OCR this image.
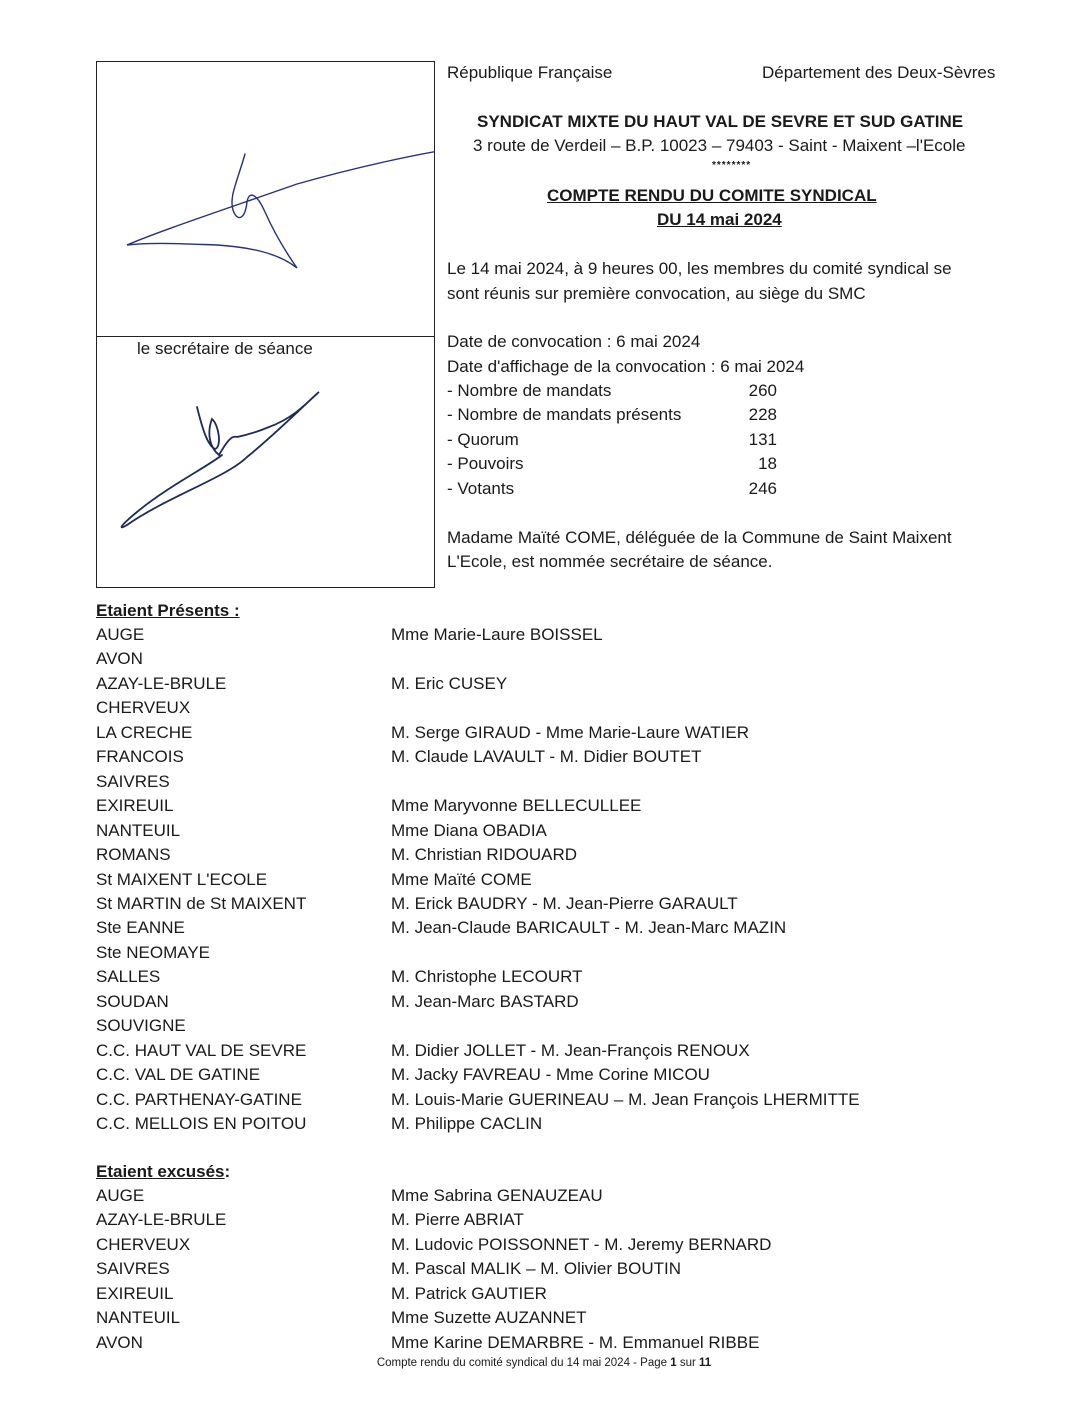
le secrétaire de séance
République Française	Département des Deux-Sèvres
SYNDICAT MIXTE DU HAUT VAL DE SEVRE ET SUD GATINE
3 route de Verdeil – B.P. 10023 – 79403 - Saint - Maixent –l'Ecole
********
COMPTE RENDU DU COMITE SYNDICAL
DU 14 mai 2024
Le 14 mai 2024, à 9 heures 00, les membres du comité syndical se
sont réunis sur première convocation, au siège du SMC
Date de convocation : 6 mai 2024
Date d'affichage de la convocation : 6 mai 2024
- Nombre de mandats	260
- Nombre de mandats présents	228
- Quorum	131
- Pouvoirs	18
- Votants	246
Madame Maïté COME, déléguée de la Commune de Saint Maixent
L'Ecole, est nommée secrétaire de séance.
Etaient Présents :
AUGE	Mme Marie-Laure BOISSEL
AVON
AZAY-LE-BRULE	M. Eric CUSEY
CHERVEUX
LA CRECHE	M. Serge GIRAUD - Mme Marie-Laure WATIER
FRANCOIS	M. Claude LAVAULT - M. Didier BOUTET
SAIVRES
EXIREUIL	Mme Maryvonne BELLECULLEE
NANTEUIL	Mme Diana OBADIA
ROMANS	M. Christian RIDOUARD
St MAIXENT L'ECOLE	Mme Maïté COME
St MARTIN de St MAIXENT	M. Erick BAUDRY - M. Jean-Pierre GARAULT
Ste EANNE	M. Jean-Claude BARICAULT - M. Jean-Marc MAZIN
Ste NEOMAYE
SALLES	M. Christophe LECOURT
SOUDAN	M. Jean-Marc BASTARD
SOUVIGNE
C.C. HAUT VAL DE SEVRE	M. Didier JOLLET - M. Jean-François RENOUX
C.C. VAL DE GATINE	M. Jacky FAVREAU - Mme Corine MICOU
C.C. PARTHENAY-GATINE	M. Louis-Marie GUERINEAU – M. Jean François LHERMITTE
C.C. MELLOIS EN POITOU	M. Philippe CACLIN
Etaient excusés:
AUGE	Mme Sabrina GENAUZEAU
AZAY-LE-BRULE	M. Pierre ABRIAT
CHERVEUX	M. Ludovic POISSONNET - M. Jeremy BERNARD
SAIVRES	M. Pascal MALIK – M. Olivier BOUTIN
EXIREUIL	M. Patrick GAUTIER
NANTEUIL	Mme Suzette AUZANNET
AVON	Mme Karine DEMARBRE - M. Emmanuel RIBBE
Compte rendu du comité syndical du 14 mai 2024 - Page 1 sur 11
